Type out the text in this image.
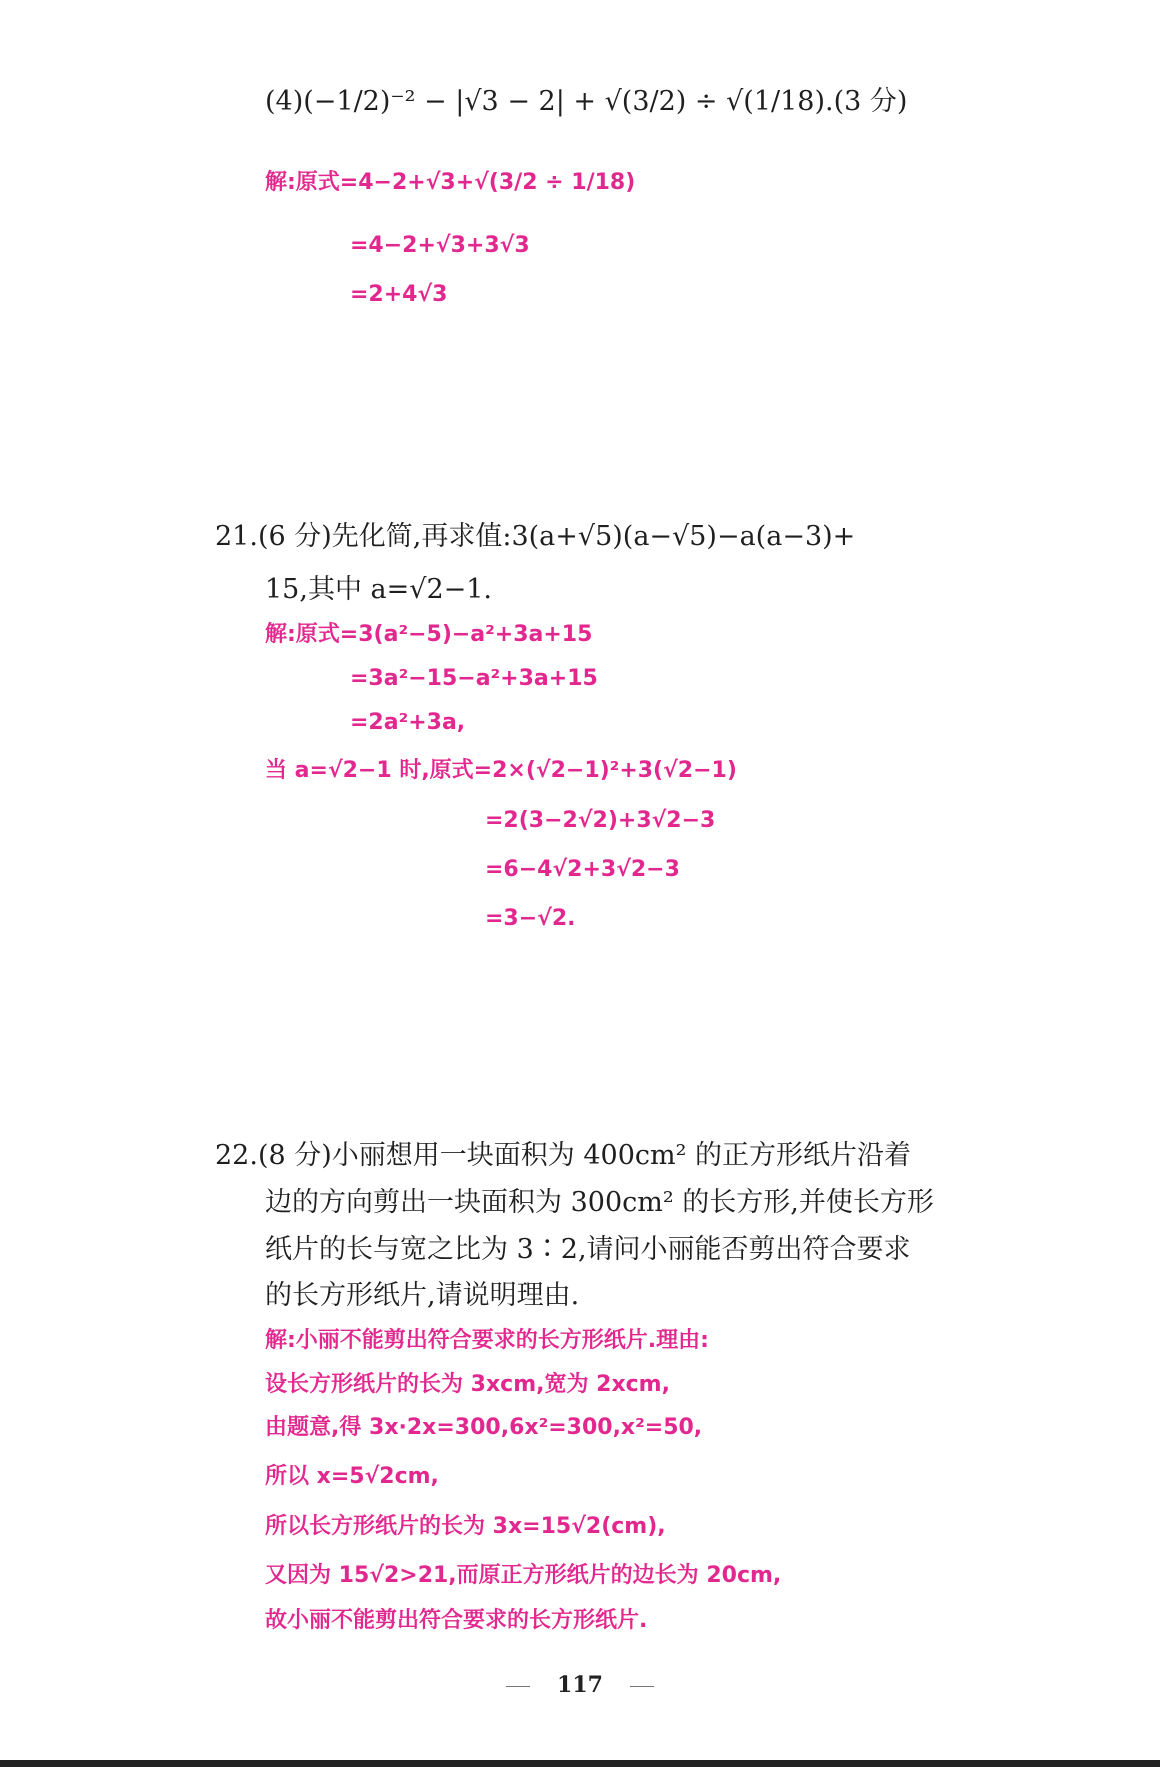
(4)(−1/2)⁻² − |√3 − 2| + √(3/2) ÷ √(1/18).(3 分)
解:原式=4−2+√3+√(3/2 ÷ 1/18)
=4−2+√3+3√3
=2+4√3
21.(6 分)先化简,再求值:3(a+√5)(a−√5)−a(a−3)+
15,其中 a=√2−1.
解:原式=3(a²−5)−a²+3a+15
=3a²−15−a²+3a+15
=2a²+3a,
当 a=√2−1 时,原式=2×(√2−1)²+3(√2−1)
=2(3−2√2)+3√2−3
=6−4√2+3√2−3
=3−√2.
22.(8 分)小丽想用一块面积为 400cm² 的正方形纸片沿着
边的方向剪出一块面积为 300cm² 的长方形,并使长方形
纸片的长与宽之比为 3∶2,请问小丽能否剪出符合要求
的长方形纸片,请说明理由.
解:小丽不能剪出符合要求的长方形纸片.理由:
设长方形纸片的长为 3xcm,宽为 2xcm,
由题意,得 3x·2x=300,6x²=300,x²=50,
所以 x=5√2cm,
所以长方形纸片的长为 3x=15√2(cm),
又因为 15√2>21,而原正方形纸片的边长为 20cm,
故小丽不能剪出符合要求的长方形纸片.
117
